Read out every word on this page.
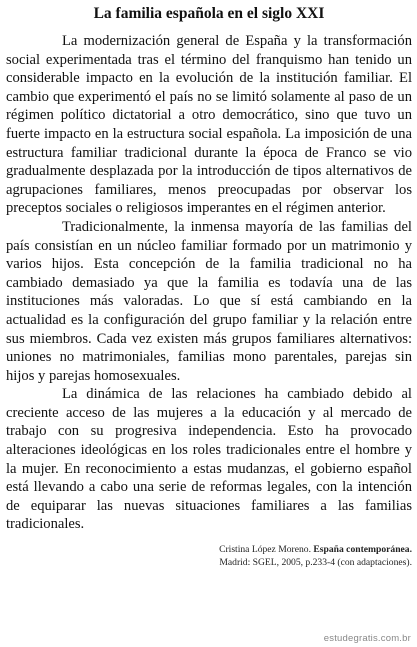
La familia española en el siglo XXI

La modernización general de España y la transformación social experimentada tras el término del franquismo han tenido un considerable impacto en la evolución de la institución familiar. El cambio que experimentó el país no se limitó solamente al paso de un régimen político dictatorial a otro democrático, sino que tuvo un fuerte impacto en la estructura social española. La imposición de una estructura familiar tradicional durante la época de Franco se vio gradualmente desplazada por la introducción de tipos alternativos de agrupaciones familiares, menos preocupadas por observar los preceptos sociales o religiosos imperantes en el régimen anterior.

Tradicionalmente, la inmensa mayoría de las familias del país consistían en un núcleo familiar formado por un matrimonio y varios hijos. Esta concepción de la familia tradicional no ha cambiado demasiado ya que la familia es todavía una de las instituciones más valoradas. Lo que sí está cambiando en la actualidad es la configuración del grupo familiar y la relación entre sus miembros. Cada vez existen más grupos familiares alternativos: uniones no matrimoniales, familias mono parentales, parejas sin hijos y parejas homosexuales.

La dinámica de las relaciones ha cambiado debido al creciente acceso de las mujeres a la educación y al mercado de trabajo con su progresiva independencia. Esto ha provocado alteraciones ideológicas en los roles tradicionales entre el hombre y la mujer. En reconocimiento a estas mudanzas, el gobierno español está llevando a cabo una serie de reformas legales, con la intención de equiparar las nuevas situaciones familiares a las familias tradicionales.

Cristina López Moreno. España contemporánea.
Madrid: SGEL, 2005, p.233-4 (con adaptaciones).
estudegratis.com.br
